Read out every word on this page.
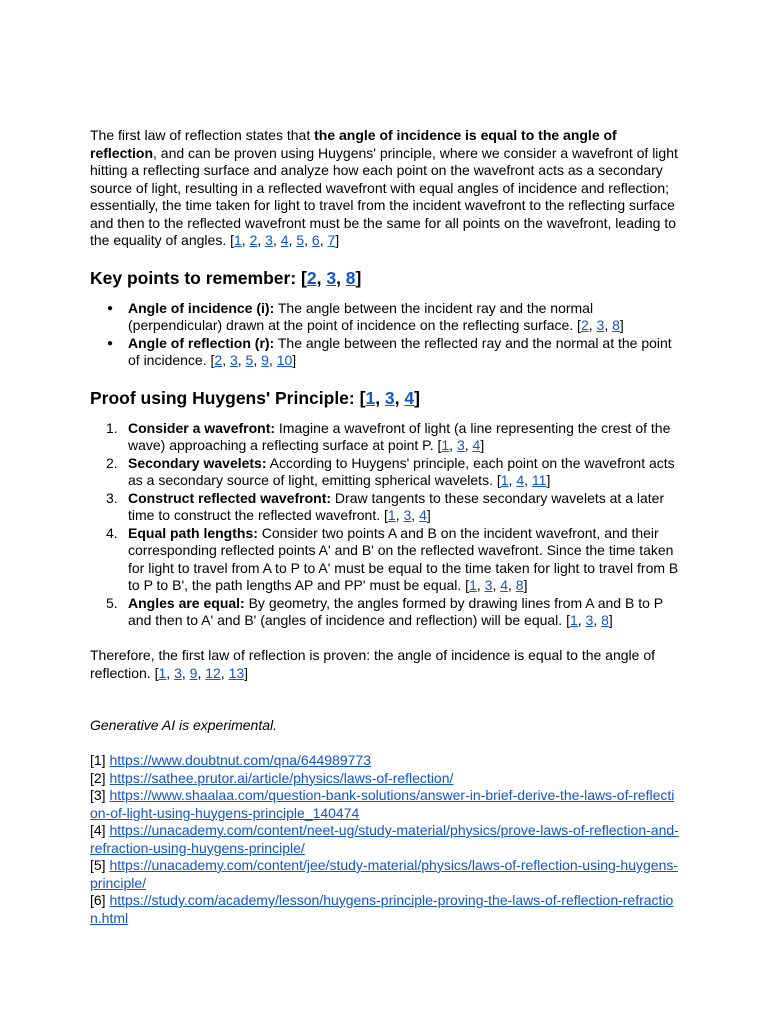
The first law of reflection states that the angle of incidence is equal to the angle of reflection, and can be proven using Huygens' principle, where we consider a wavefront of light hitting a reflecting surface and analyze how each point on the wavefront acts as a secondary source of light, resulting in a reflected wavefront with equal angles of incidence and reflection; essentially, the time taken for light to travel from the incident wavefront to the reflecting surface and then to the reflected wavefront must be the same for all points on the wavefront, leading to the equality of angles. [1, 2, 3, 4, 5, 6, 7]

Key points to remember: [2, 3, 8]
● Angle of incidence (i): The angle between the incident ray and the normal (perpendicular) drawn at the point of incidence on the reflecting surface. [2, 3, 8]
● Angle of reflection (r): The angle between the reflected ray and the normal at the point of incidence. [2, 3, 5, 9, 10]
Proof using Huygens' Principle: [1, 3, 4]
1. Consider a wavefront: Imagine a wavefront of light (a line representing the crest of the wave) approaching a reflecting surface at point P. [1, 3, 4]
2. Secondary wavelets: According to Huygens' principle, each point on the wavefront acts as a secondary source of light, emitting spherical wavelets. [1, 4, 11]
3. Construct reflected wavefront: Draw tangents to these secondary wavelets at a later time to construct the reflected wavefront. [1, 3, 4]
4. Equal path lengths: Consider two points A and B on the incident wavefront, and their corresponding reflected points A' and B' on the reflected wavefront. Since the time taken for light to travel from A to P to A' must be equal to the time taken for light to travel from B to P to B', the path lengths AP and PP' must be equal. [1, 3, 4, 8]
5. Angles are equal: By geometry, the angles formed by drawing lines from A and B to P and then to A' and B' (angles of incidence and reflection) will be equal. [1, 3, 8]

Therefore, the first law of reflection is proven: the angle of incidence is equal to the angle of reflection. [1, 3, 9, 12, 13]

Generative AI is experimental.

[1] https://www.doubtnut.com/qna/644989773
[2] https://sathee.prutor.ai/article/physics/laws-of-reflection/
[3] https://www.shaalaa.com/question-bank-solutions/answer-in-brief-derive-the-laws-of-reflection-of-light-using-huygens-principle_140474
[4] https://unacademy.com/content/neet-ug/study-material/physics/prove-laws-of-reflection-and-refraction-using-huygens-principle/
[5] https://unacademy.com/content/jee/study-material/physics/laws-of-reflection-using-huygens-principle/
[6] https://study.com/academy/lesson/huygens-principle-proving-the-laws-of-reflection-refraction.html
